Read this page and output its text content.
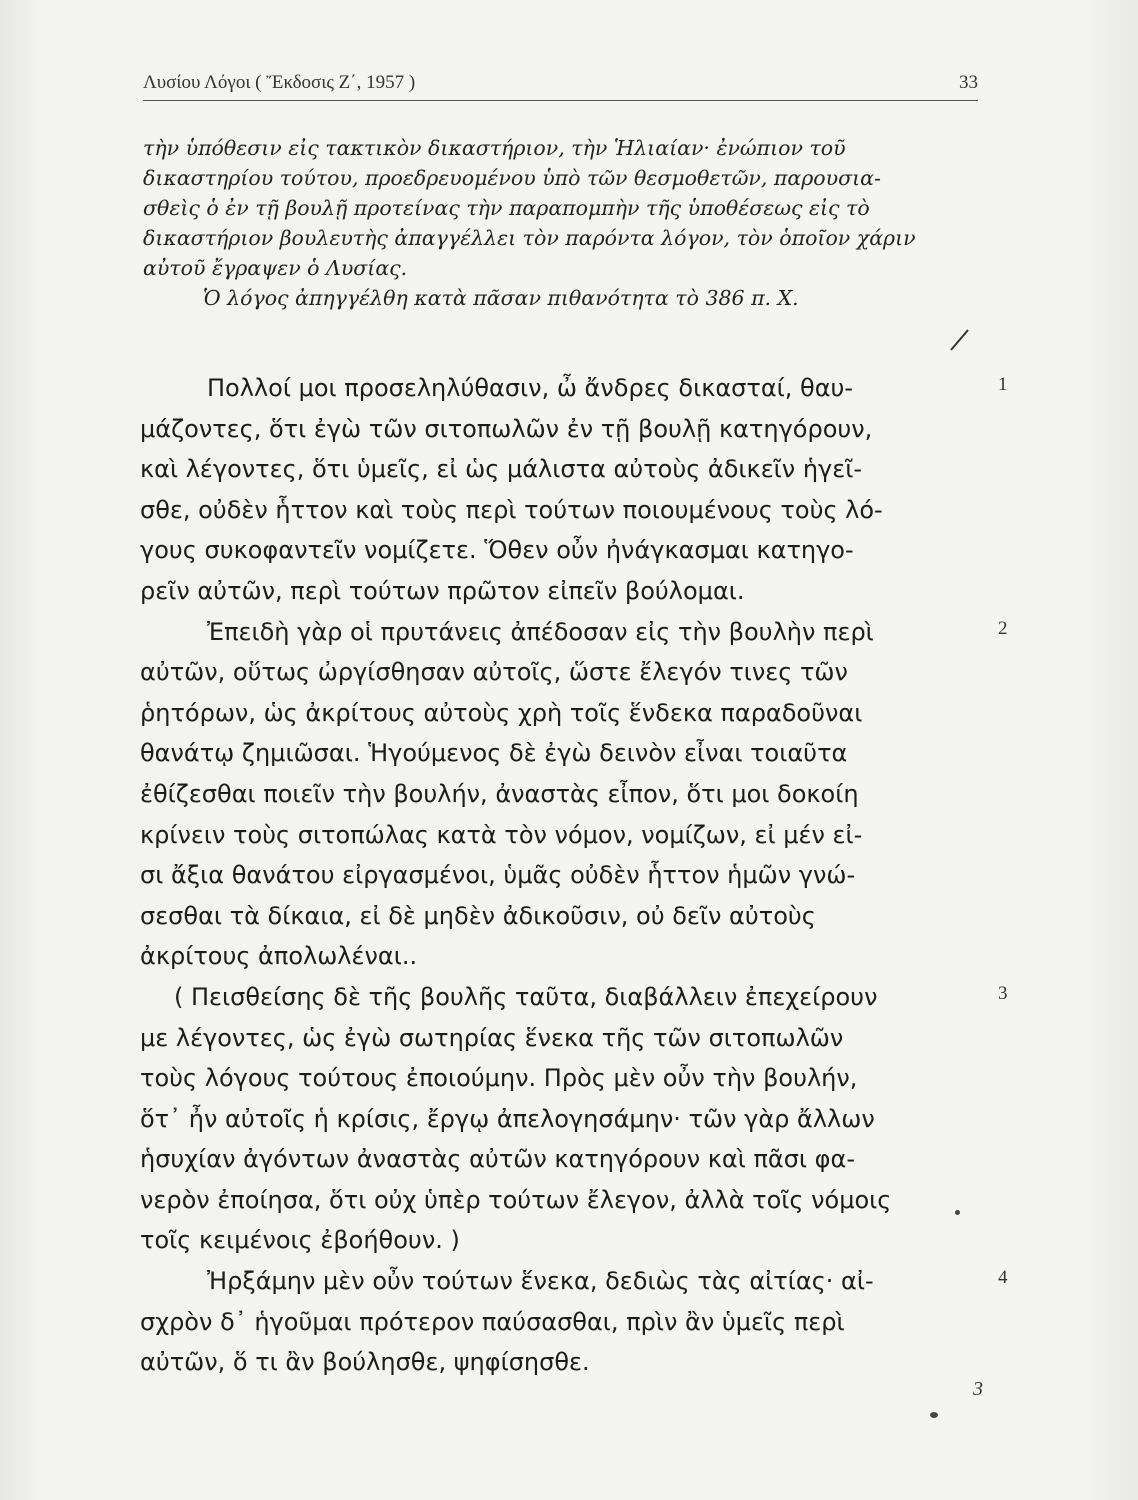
Λυσίου Λόγοι ( Ἔκδοσις Ζ΄, 1957 )	33

τὴν ὑπόθεσιν εἰς τακτικὸν δικαστήριον, τὴν Ἡλιαίαν· ἐνώπιον τοῦ
δικαστηρίου τούτου, προεδρευομένου ὑπὸ τῶν θεσμοθετῶν, παρουσια-
σθεὶς ὁ ἐν τῇ βουλῇ προτείνας τὴν παραπομπὴν τῆς ὑποθέσεως εἰς τὸ
δικαστήριον βουλευτὴς ἀπαγγέλλει τὸν παρόντα λόγον, τὸν ὁποῖον χάριν
αὐτοῦ ἔγραψεν ὁ Λυσίας.

Ὁ λόγος ἀπηγγέλθη κατὰ πᾶσαν πιθανότητα τὸ 386 π. Χ.

Πολλοί μοι προσεληλύθασιν, ὦ ἄνδρες δικασταί, θαυ-
μάζοντες, ὅτι ἐγὼ τῶν σιτοπωλῶν ἐν τῇ βουλῇ κατηγόρουν,
καὶ λέγοντες, ὅτι ὑμεῖς, εἰ ὡς μάλιστα αὐτοὺς ἀδικεῖν ἡγεῖ-
σθε, οὐδὲν ἧττον καὶ τοὺς περὶ τούτων ποιουμένους τοὺς λό-
γους συκοφαντεῖν νομίζετε. Ὅθεν οὖν ἠνάγκασμαι κατηγο-
ρεῖν αὐτῶν, περὶ τούτων πρῶτον εἰπεῖν βούλομαι.
Ἐπειδὴ γὰρ οἱ πρυτάνεις ἀπέδοσαν εἰς τὴν βουλὴν περὶ
αὐτῶν, οὕτως ὠργίσθησαν αὐτοῖς, ὥστε ἔλεγόν τινες τῶν
ῥητόρων, ὡς ἀκρίτους αὐτοὺς χρὴ τοῖς ἕνδεκα παραδοῦναι
θανάτῳ ζημιῶσαι. Ἡγούμενος δὲ ἐγὼ δεινὸν εἶναι τοιαῦτα
ἐθίζεσθαι ποιεῖν τὴν βουλήν, ἀναστὰς εἶπον, ὅτι μοι δοκοίη
κρίνειν τοὺς σιτοπώλας κατὰ τὸν νόμον, νομίζων, εἰ μέν εἰ-
σι ἄξια θανάτου εἰργασμένοι, ὑμᾶς οὐδὲν ἧττον ἡμῶν γνώ-
σεσθαι τὰ δίκαια, εἰ δὲ μηδὲν ἀδικοῦσιν, οὐ δεῖν αὐτοὺς
ἀκρίτους ἀπολωλέναι..
( Πεισθείσης δὲ τῆς βουλῆς ταῦτα, διαβάλλειν ἐπεχείρουν
με λέγοντες, ὡς ἐγὼ σωτηρίας ἕνεκα τῆς τῶν σιτοπωλῶν
τοὺς λόγους τούτους ἐποιούμην. Πρὸς μὲν οὖν τὴν βουλήν,
ὅτ᾽ ἦν αὐτοῖς ἡ κρίσις, ἔργῳ ἀπελογησάμην· τῶν γὰρ ἄλλων
ἡσυχίαν ἀγόντων ἀναστὰς αὐτῶν κατηγόρουν καὶ πᾶσι φα-
νερὸν ἐποίησα, ὅτι οὐχ ὑπὲρ τούτων ἔλεγον, ἀλλὰ τοῖς νόμοις
τοῖς κειμένοις ἐβοήθουν. )
Ἠρξάμην μὲν οὖν τούτων ἕνεκα, δεδιὼς τὰς αἰτίας· αἰ-
σχρὸν δ᾽ ἡγοῦμαι πρότερον παύσασθαι, πρὶν ἂν ὑμεῖς περὶ
αὐτῶν, ὅ τι ἂν βούλησθε, ψηφίσησθε.
1
2
3
4
3
